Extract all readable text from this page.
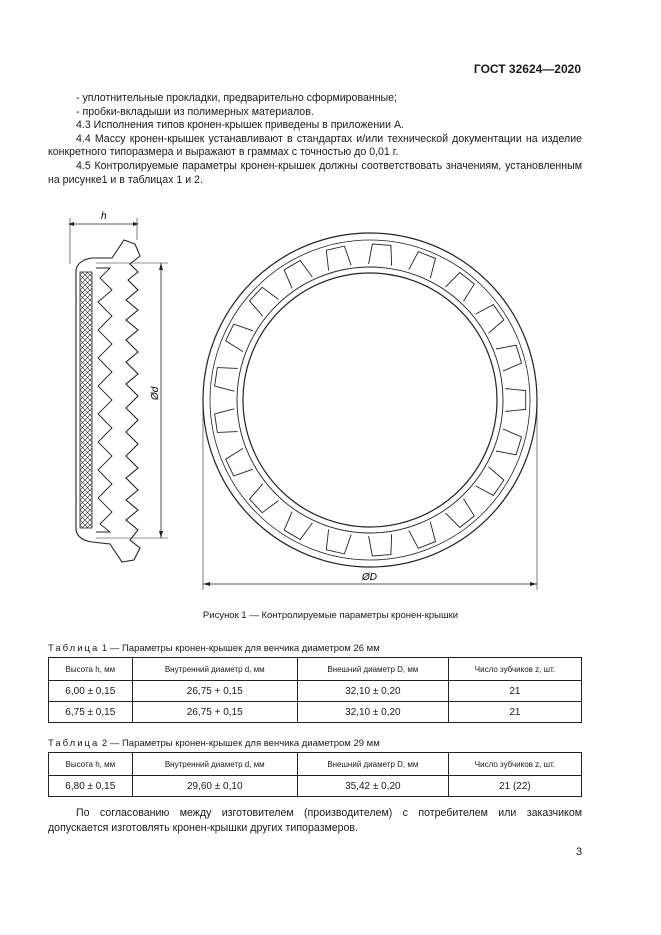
ГОСТ 32624—2020

- уплотнительные прокладки, предварительно сформированные;

- пробки-вкладыши из полимерных материалов.

4.3 Исполнения типов кронен-крышек приведены в приложении А.

4.4 Массу кронен-крышек устанавливают в стандартах и/или технической документации на изделие конкретного типоразмера и выражают в граммах с точностью до 0,01 г.

4.5 Контролируемые параметры кронен-крышек должны соответствовать значениям, установленным на рисунке1 и в таблицах 1 и 2.

h
Ød
ØD
Рисунок 1 — Контролируемые параметры кронен-крышки
Таблица 1 — Параметры кронен-крышек для венчика диаметром 26 мм
Высота h, мм	Внутренний диаметр d, мм	Внешний диаметр D, мм	Число зубчиков z, шт.
6,00 ± 0,15	26,75 + 0,15	32,10 ± 0,20	21
6,75 ± 0,15	26,75 + 0,15	32,10 ± 0,20	21
Таблица 2 — Параметры кронен-крышек для венчика диаметром 29 мм
Высота h, мм	Внутренний диаметр d, мм	Внешний диаметр D, мм	Число зубчиков z, шт.
6,80 ± 0,15	29,60 ± 0,10	35,42 ± 0,20	21 (22)

По согласованию между изготовителем (производителем) с потребителем или заказчиком допускается изготовлять кронен-крышки других типоразмеров.

3
